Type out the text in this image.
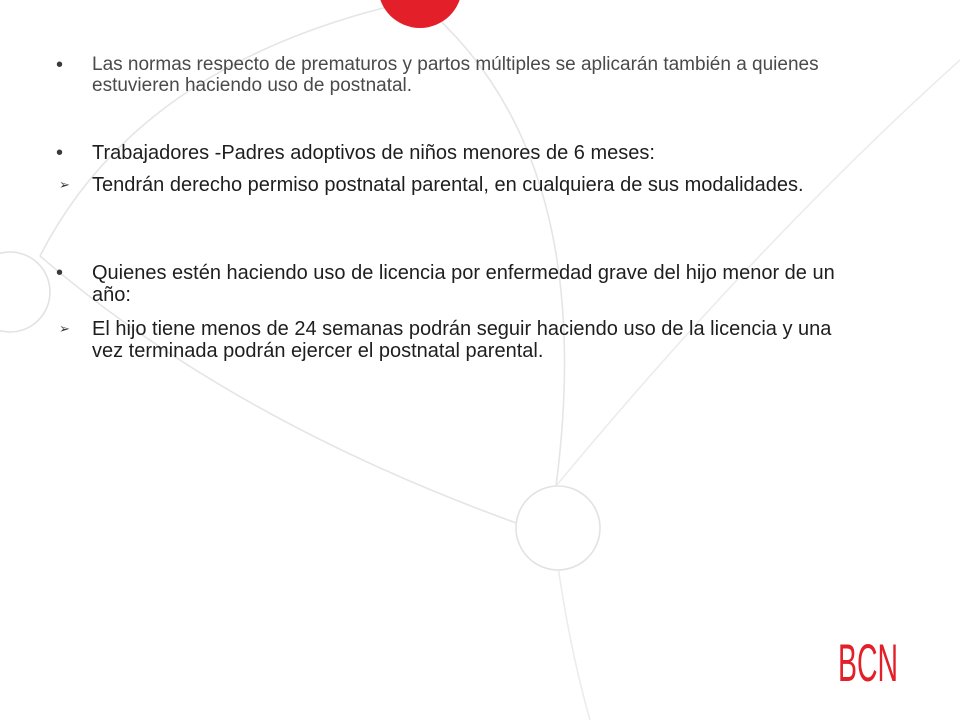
• Las normas respecto de prematuros y partos múltiples se aplicarán también a quienes estuvieren haciendo uso de postnatal.
• Trabajadores -Padres adoptivos de niños menores de 6 meses:
➢ Tendrán derecho permiso postnatal parental, en cualquiera de sus modalidades.
• Quienes estén haciendo uso de licencia por enfermedad grave del hijo menor de un año:
➢ El hijo tiene menos de 24 semanas podrán seguir haciendo uso de la licencia y una vez terminada podrán ejercer el postnatal parental.
BCN
